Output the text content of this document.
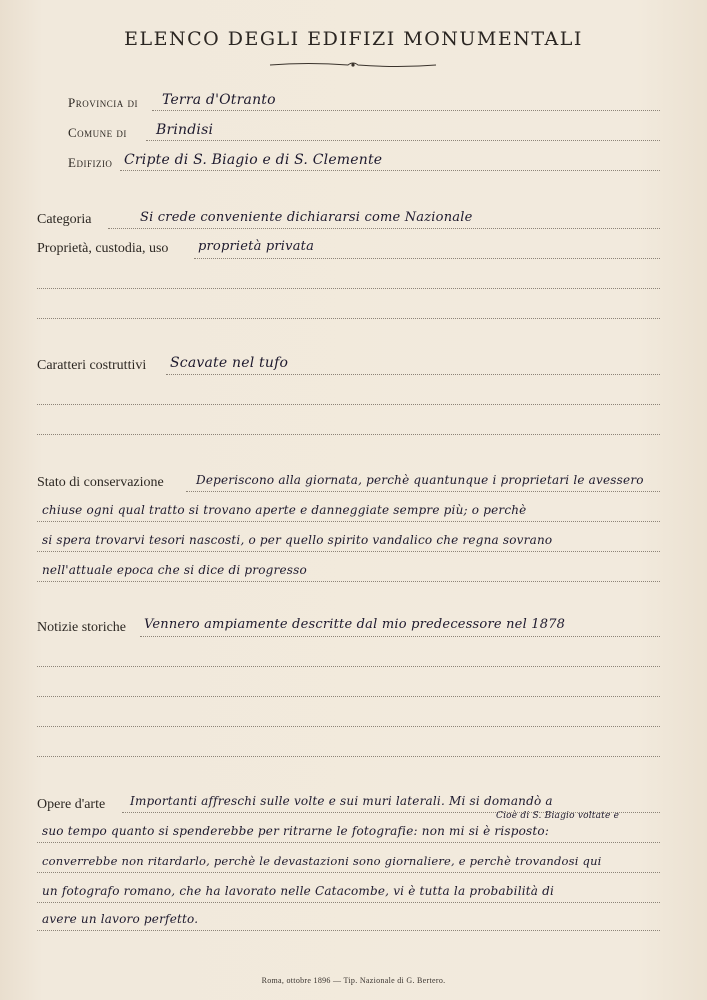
ELENCO DEGLI EDIFIZI MONUMENTALI
Provincia di Terra d'Otranto
Comune di Brindisi
Edifizio Cripte di S. Biagio e di S. Clemente
Categoria	Si crede conveniente dichiararsi come Nazionale
Proprietà, custodia, uso proprietà privata
Caratteri costruttivi Scavate nel tufo
Stato di conservazione	Deperiscono alla giornata, perchè quantunque i proprietari le avessero
chiuse ogni qual tratto si trovano aperte e danneggiate sempre più; o perchè
si spera trovarvi tesori nascosti, o per quello spirito vandalico che regna sovrano
nell'attuale epoca che si dice di progresso
Notizie storiche Vennero ampiamente descritte dal mio predecessore nel 1878
Opere d'arte Importanti affreschi sulle volte e sui muri laterali. Mi si domandò a
Cioè di S. Biagio voltate e
suo tempo quanto si spenderebbe per ritrarne le fotografie: non mi si è risposto:
converrebbe non ritardarlo, perchè le devastazioni sono giornaliere, e perchè trovandosi qui
un fotografo romano, che ha lavorato nelle Catacombe, vi è tutta la probabilità di
avere un lavoro perfetto.
Roma, ottobre 1896 — Tip. Nazionale di G. Bertero.
